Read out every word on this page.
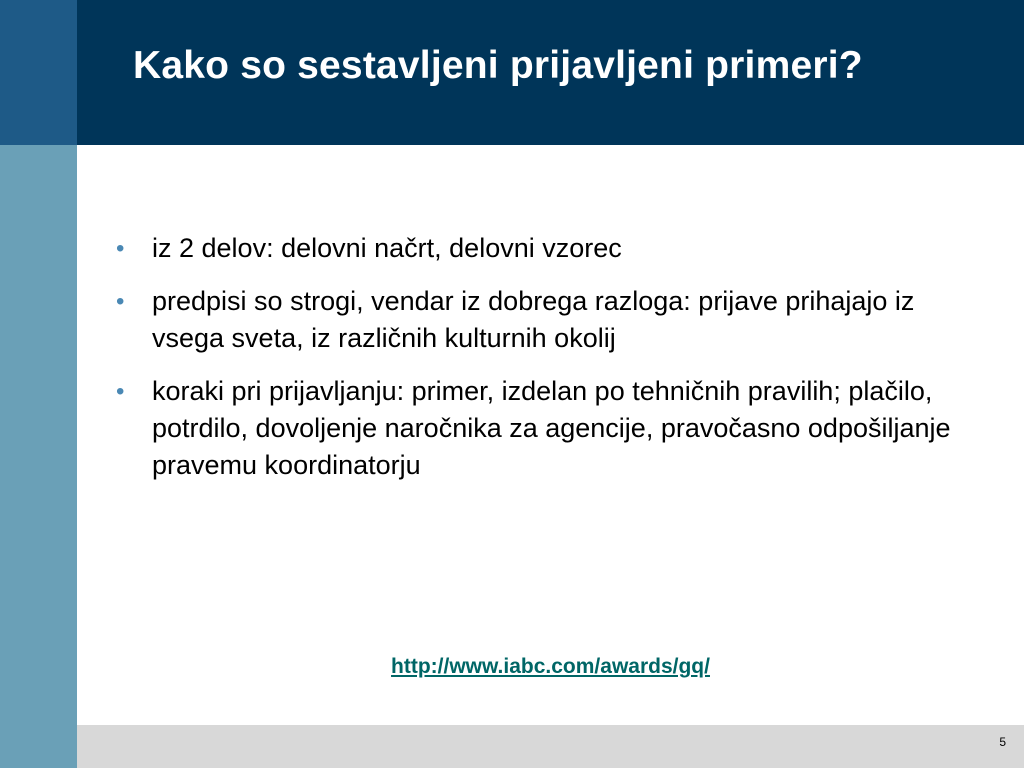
Kako so sestavljeni prijavljeni primeri?
• iz 2 delov: delovni načrt, delovni vzorec
• predpisi so strogi, vendar iz dobrega razloga: prijave prihajajo iz vsega sveta, iz različnih kulturnih okolij
• koraki pri prijavljanju: primer, izdelan po tehničnih pravilih; plačilo, potrdilo, dovoljenje naročnika za agencije, pravočasno odpošiljanje pravemu koordinatorju
http://www.iabc.com/awards/gq/
5
